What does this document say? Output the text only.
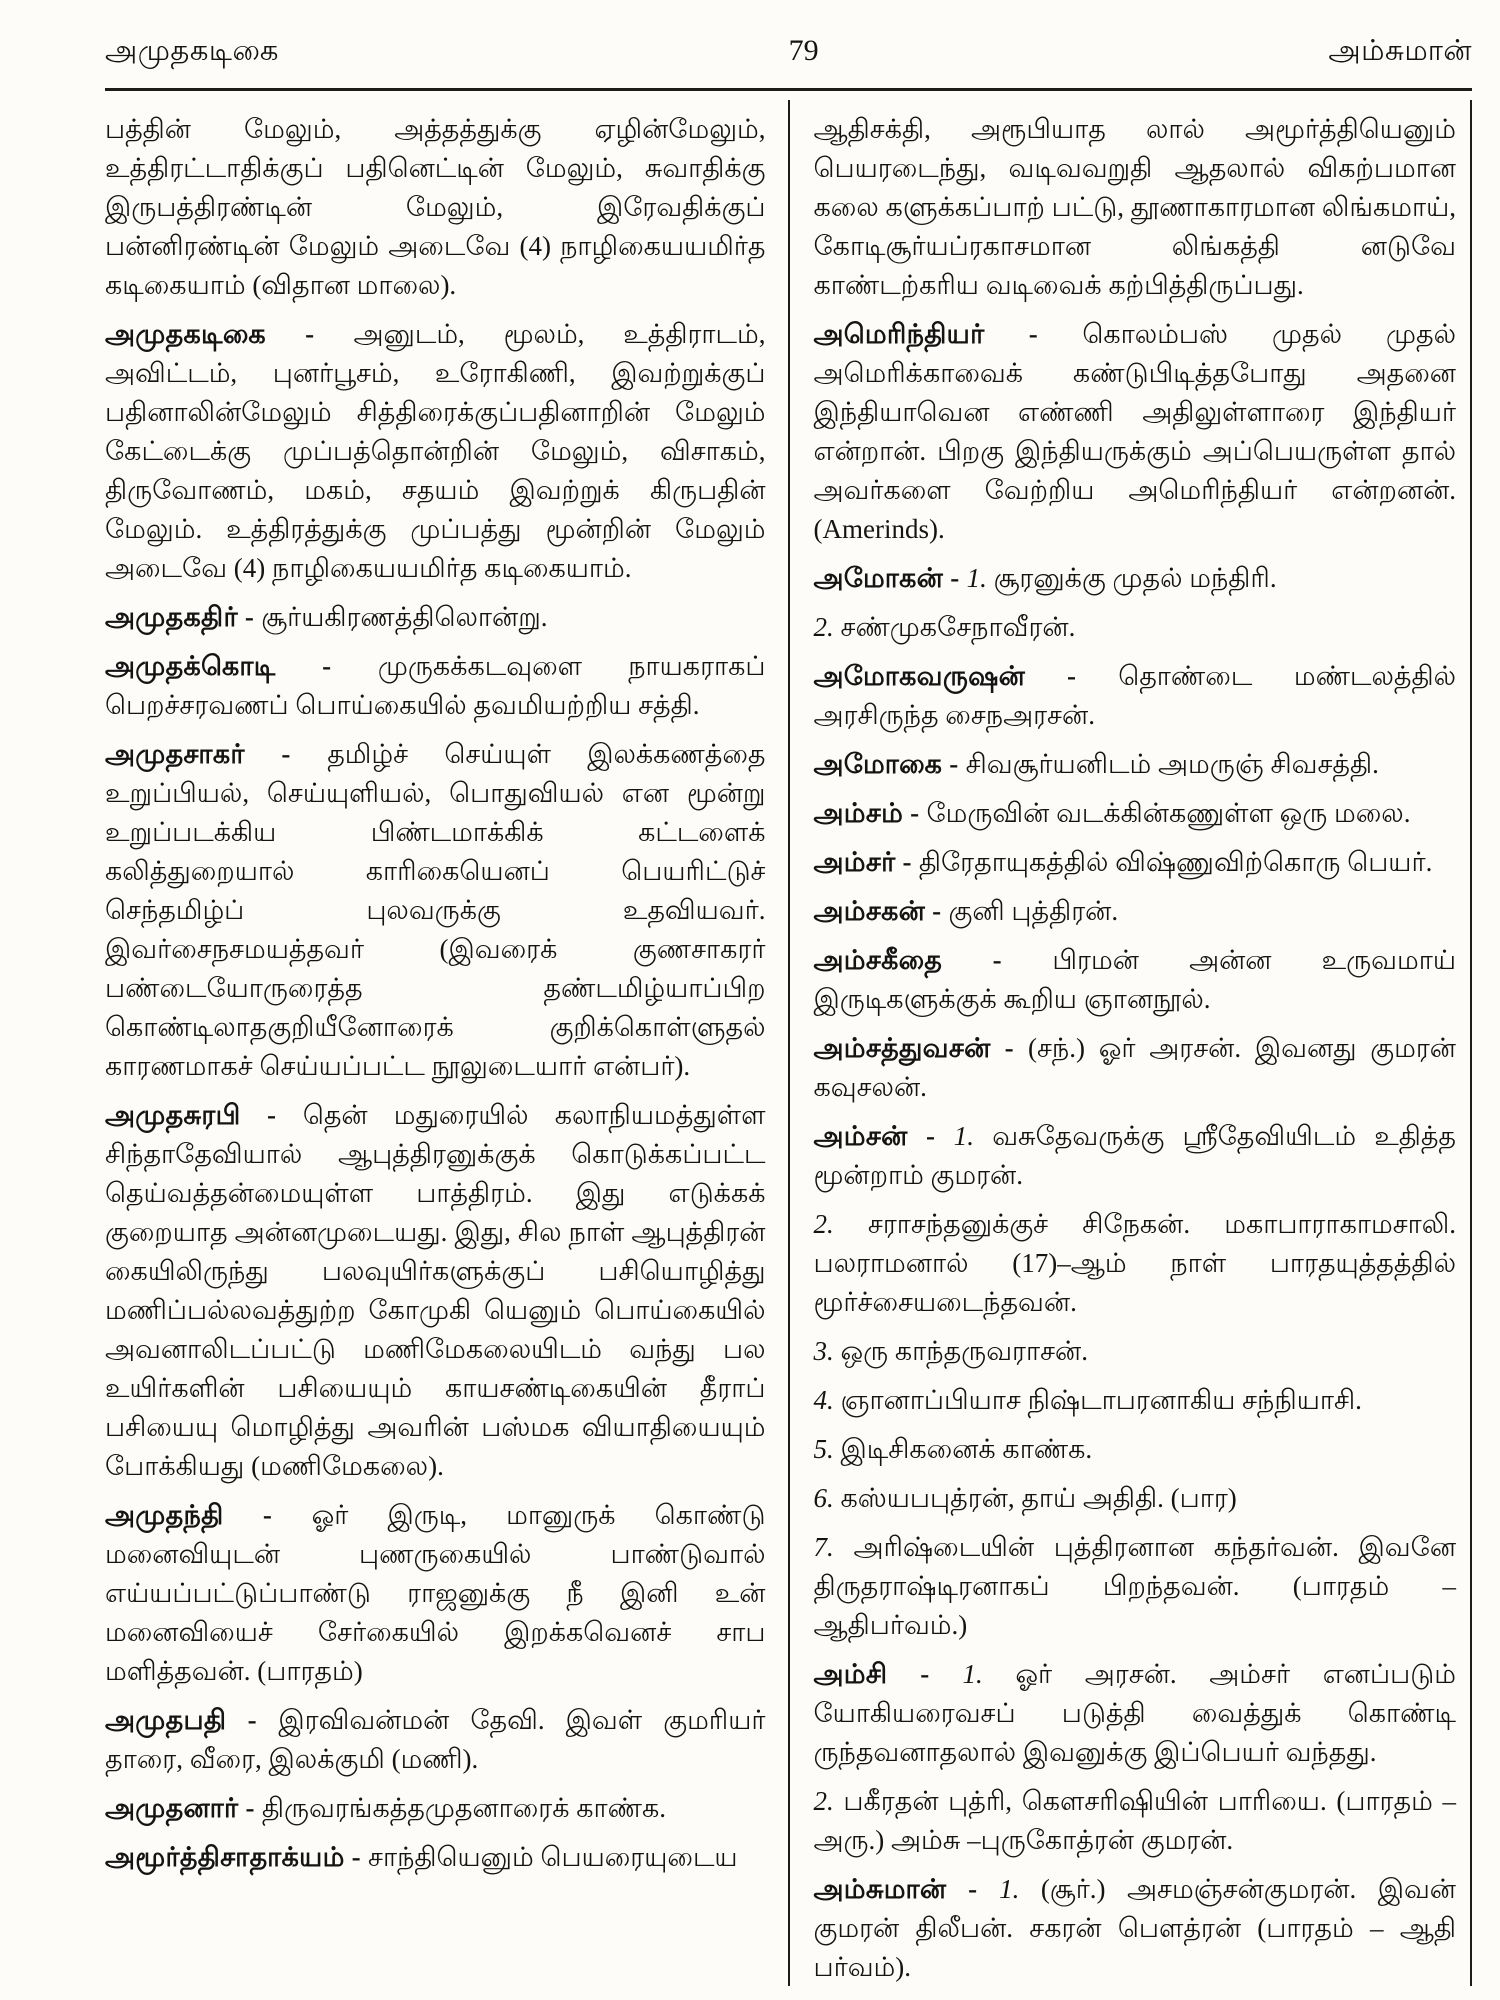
அமுதகடிகை	79	அம்சுமான்

பத்தின் மேலும், அத்தத்துக்கு ஏழின்மேலும், உத்திரட்டாதிக்குப் பதினெட்டின் மேலும், சுவாதிக்கு இருபத்திரண்டின் மேலும், இரேவதிக்குப் பன்னிரண்டின் மேலும் அடைவே (4) நாழிகையயமிர்த கடிகையாம் (விதான மாலை).

அமுதகடிகை - அனுடம், மூலம், உத்திராடம், அவிட்டம், புனர்பூசம், உரோகிணி, இவற்றுக்குப் பதினாலின்மேலும் சித்திரைக்குப்பதினாறின் மேலும் கேட்டைக்கு முப்பத்தொன்றின் மேலும், விசாகம், திருவோணம், மகம், சதயம் இவற்றுக் கிருபதின் மேலும். உத்திரத்துக்கு முப்பத்து மூன்றின் மேலும் அடைவே (4) நாழிகையயமிர்த கடிகையாம்.

அமுதகதிர் - சூர்யகிரணத்திலொன்று.

அமுதக்கொடி - முருகக்கடவுளை நாயகராகப் பெறச்சரவணப் பொய்கையில் தவமியற்றிய சத்தி.

அமுதசாகர் - தமிழ்ச் செய்யுள் இலக்கணத்தை உறுப்பியல், செய்யுளியல், பொதுவியல் என மூன்று உறுப்படக்கிய பிண்டமாக்கிக் கட்டளைக் கலித்துறையால் காரிகையெனப் பெயரிட்டுச் செந்தமிழ்ப் புலவருக்கு உதவியவர். இவர்சைநசமயத்தவர் (இவரைக் குணசாகரர் பண்டையோருரைத்த தண்டமிழ்யாப்பிற கொண்டிலாதகுறியீனோரைக் குறிக்கொள்ளுதல் காரணமாகச் செய்யப்பட்ட நூலுடையார் என்பர்).

அமுதசுரபி - தென் மதுரையில் கலாநியமத்துள்ள சிந்தாதேவியால் ஆபுத்திரனுக்குக் கொடுக்கப்பட்ட தெய்வத்தன்மையுள்ள பாத்திரம். இது எடுக்கக் குறையாத அன்னமுடையது. இது, சில நாள் ஆபுத்திரன் கையிலிருந்து பலவுயிர்களுக்குப் பசியொழித்து மணிப்பல்லவத்துற்ற கோமுகி யெனும் பொய்கையில் அவனாலிடப்பட்டு மணிமேகலையிடம் வந்து பல உயிர்களின் பசியையும் காயசண்டிகையின் தீராப் பசியையு மொழித்து அவரின் பஸ்மக வியாதியையும் போக்கியது (மணிமேகலை).

அமுதந்தி - ஓர் இருடி, மானுருக் கொண்டு மனைவியுடன் புணருகையில் பாண்டுவால் எய்யப்பட்டுப்பாண்டு ராஜனுக்கு நீ இனி உன் மனைவியைச் சேர்கையில் இறக்கவெனச் சாப மளித்தவன். (பாரதம்)

அமுதபதி - இரவிவன்மன் தேவி. இவள் குமரியர் தாரை, வீரை, இலக்குமி (மணி).

அமுதனார் - திருவரங்கத்தமுதனாரைக் காண்க.

அமூர்த்திசாதாக்யம் - சாந்தியெனும் பெயரையுடைய

ஆதிசக்தி, அரூபியாத லால் அமூர்த்தியெனும் பெயரடைந்து, வடிவவறுதி ஆதலால் விகற்பமான கலை களுக்கப்பாற் பட்டு, தூணாகாரமான லிங்கமாய், கோடிசூர்யப்ரகாசமான லிங்கத்தி னடுவே காண்டற்கரிய வடிவைக் கற்பித்திருப்பது.

அமெரிந்தியர் - கொலம்பஸ் முதல் முதல் அமெரிக்காவைக் கண்டுபிடித்தபோது அதனை இந்தியாவென எண்ணி அதிலுள்ளாரை இந்தியர் என்றான். பிறகு இந்தியருக்கும் அப்பெயருள்ள தால் அவர்களை வேற்றிய அமெரிந்தியர் என்றனன். (Amerinds).

அமோகன் - 1. சூரனுக்கு முதல் மந்திரி.

2. சண்முகசேநாவீரன்.

அமோகவருஷன் - தொண்டை மண்டலத்தில் அரசிருந்த சைநஅரசன்.

அமோகை - சிவசூர்யனிடம் அமருஞ் சிவசத்தி.

அம்சம் - மேருவின் வடக்கின்கணுள்ள ஒரு மலை.

அம்சர் - திரேதாயுகத்தில் விஷ்ணுவிற்கொரு பெயர்.

அம்சகன் - குனி புத்திரன்.

அம்சகீதை - பிரமன் அன்ன உருவமாய் இருடிகளுக்குக் கூறிய ஞானநூல்.

அம்சத்துவசன் - (சந்.) ஓர் அரசன். இவனது குமரன் கவுசலன்.

அம்சன் - 1. வசுதேவருக்கு ஸ்ரீதேவியிடம் உதித்த மூன்றாம் குமரன்.

2. சராசந்தனுக்குச் சிநேகன். மகாபாராகாமசாலி. பலராமனால் (17)–ஆம் நாள் பாரதயுத்தத்தில் மூர்ச்சையடைந்தவன்.

3. ஒரு காந்தருவராசன்.

4. ஞானாப்பியாச நிஷ்டாபரனாகிய சந்நியாசி.

5. இடிசிகனைக் காண்க.

6. கஸ்யபபுத்ரன், தாய் அதிதி. (பார)

7. அரிஷ்டையின் புத்திரனான கந்தர்வன். இவனே திருதராஷ்டிரனாகப் பிறந்தவன். (பாரதம் – ஆதிபர்வம்.)

அம்சி - 1. ஓர் அரசன். அம்சர் எனப்படும் யோகியரைவசப் படுத்தி வைத்துக் கொண்டி ருந்தவனாதலால் இவனுக்கு இப்பெயர் வந்தது.

2. பகீரதன் புத்ரி, கௌசரிஷியின் பாரியை. (பாரதம் – அரு.) அம்சு –புருகோத்ரன் குமரன்.

அம்சுமான் - 1. (சூர்.) அசமஞ்சன்குமரன். இவன் குமரன் திலீபன். சகரன் பௌத்ரன் (பாரதம் – ஆதி பர்வம்).
